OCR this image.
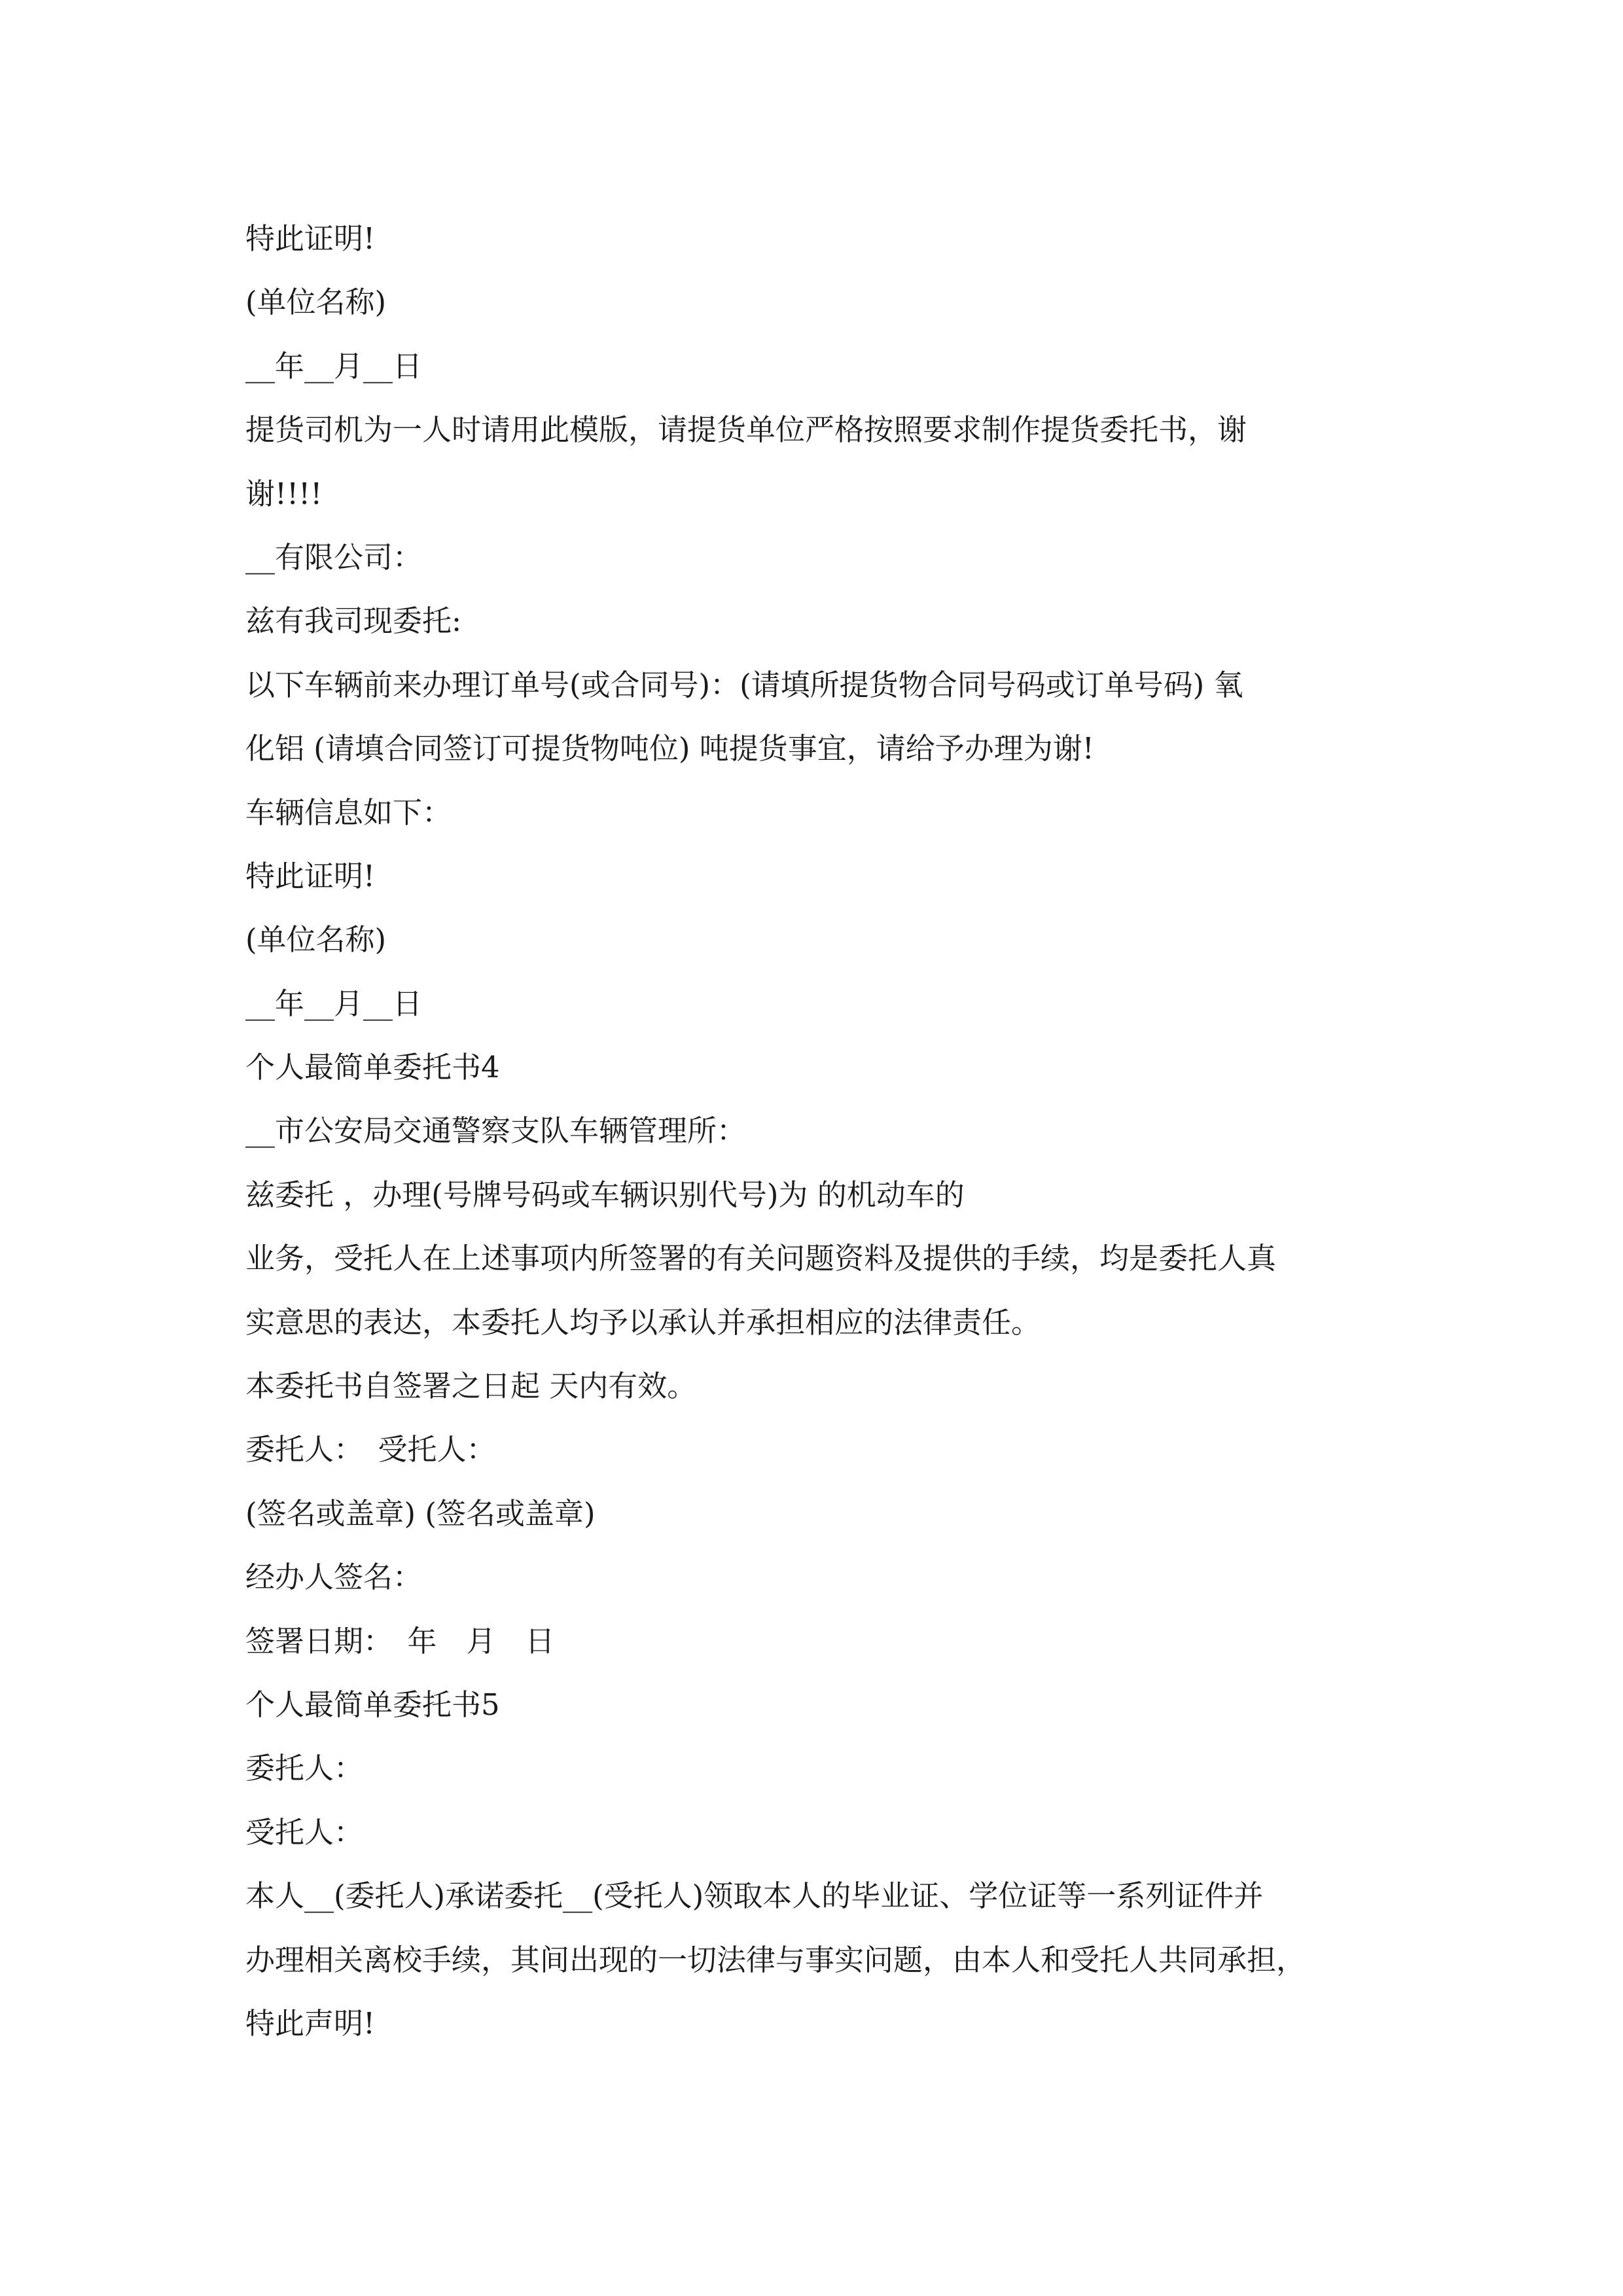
特此证明!
(单位名称)
__年__月__日
提货司机为一人时请用此模版，请提货单位严格按照要求制作提货委托书，谢
谢!!!!
__有限公司：
兹有我司现委托:
以下车辆前来办理订单号(或合同号)：(请填所提货物合同号码或订单号码) 氧
化铝 (请填合同签订可提货物吨位) 吨提货事宜，请给予办理为谢!
车辆信息如下：
特此证明!
(单位名称)
__年__月__日
个人最简单委托书4
__市公安局交通警察支队车辆管理所：
兹委托 ，办理(号牌号码或车辆识别代号)为 的机动车的
业务，受托人在上述事项内所签署的有关问题资料及提供的手续，均是委托人真
实意思的表达，本委托人均予以承认并承担相应的法律责任。
本委托书自签署之日起 天内有效。
委托人：　受托人：
(签名或盖章) (签名或盖章)
经办人签名：
签署日期：　年　月　日
个人最简单委托书5
委托人：
受托人：
本人__(委托人)承诺委托__(受托人)领取本人的毕业证、学位证等一系列证件并
办理相关离校手续，其间出现的一切法律与事实问题，由本人和受托人共同承担，
特此声明!
